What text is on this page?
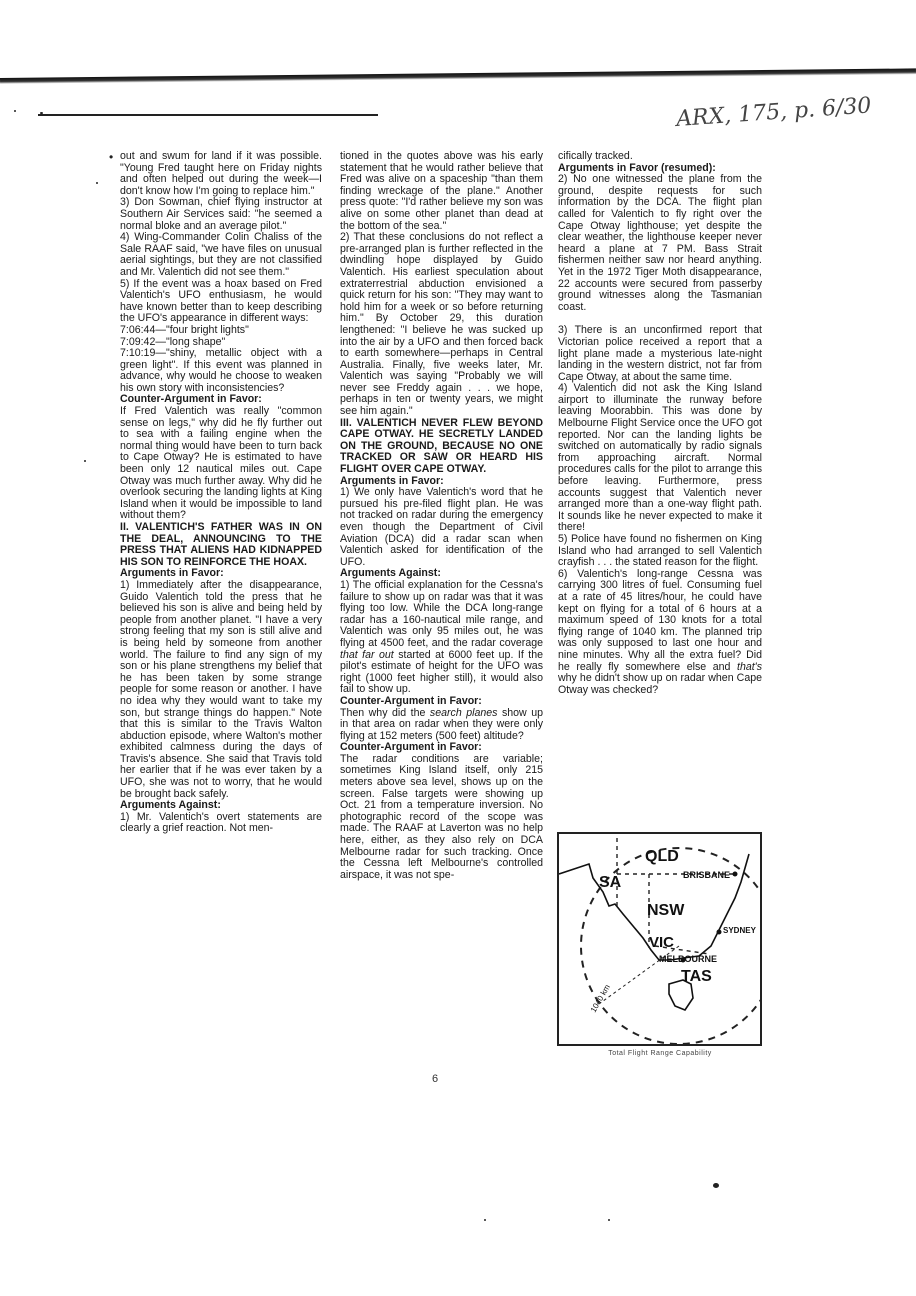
ARX, 175, p. 6/30
• out and swum for land if it was possible. "Young Fred taught here on Friday nights and often helped out during the week—I don't know how I'm going to replace him."

3) Don Sowman, chief flying instructor at Southern Air Services said: "he seemed a normal bloke and an average pilot."

4) Wing-Commander Colin Chaliss of the Sale RAAF said, "we have files on unusual aerial sightings, but they are not classified and Mr. Valentich did not see them."

5) If the event was a hoax based on Fred Valentich's UFO enthusiasm, he would have known better than to keep describing the UFO's appearance in different ways:

7:06:44—"four bright lights"

7:09:42—"long shape"

7:10:19—"shiny, metallic object with a green light". If this event was planned in advance, why would he choose to weaken his own story with inconsistencies?

Counter-Argument in Favor:

If Fred Valentich was really "common sense on legs," why did he fly further out to sea with a failing engine when the normal thing would have been to turn back to Cape Otway? He is estimated to have been only 12 nautical miles out. Cape Otway was much further away. Why did he overlook securing the landing lights at King Island when it would be impossible to land without them?

II. VALENTICH'S FATHER WAS IN ON THE DEAL, ANNOUNCING TO THE PRESS THAT ALIENS HAD KIDNAPPED HIS SON TO REINFORCE THE HOAX.

Arguments in Favor:

1) Immediately after the disappearance, Guido Valentich told the press that he believed his son is alive and being held by people from another planet. "I have a very strong feeling that my son is still alive and is being held by someone from another world. The failure to find any sign of my son or his plane strengthens my belief that he has been taken by some strange people for some reason or another. I have no idea why they would want to take my son, but strange things do happen." Note that this is similar to the Travis Walton abduction episode, where Walton's mother exhibited calmness during the days of Travis's absence. She said that Travis told her earlier that if he was ever taken by a UFO, she was not to worry, that he would be brought back safely.

Arguments Against:

1) Mr. Valentich's overt statements are clearly a grief reaction. Not men-

tioned in the quotes above was his early statement that he would rather believe that Fred was alive on a spaceship "than them finding wreckage of the plane." Another press quote: "I'd rather believe my son was alive on some other planet than dead at the bottom of the sea."

2) That these conclusions do not reflect a pre-arranged plan is further reflected in the dwindling hope displayed by Guido Valentich. His earliest speculation about extraterrestrial abduction envisioned a quick return for his son: "They may want to hold him for a week or so before returning him." By October 29, this duration lengthened: "I believe he was sucked up into the air by a UFO and then forced back to earth somewhere—perhaps in Central Australia. Finally, five weeks later, Mr. Valentich was saying "Probably we will never see Freddy again . . . we hope, perhaps in ten or twenty years, we might see him again."

III. VALENTICH NEVER FLEW BEYOND CAPE OTWAY. HE SECRETLY LANDED ON THE GROUND, BECAUSE NO ONE TRACKED OR SAW OR HEARD HIS FLIGHT OVER CAPE OTWAY.

Arguments in Favor:

1) We only have Valentich's word that he pursued his pre-filed flight plan. He was not tracked on radar during the emergency even though the Department of Civil Aviation (DCA) did a radar scan when Valentich asked for identification of the UFO.

Arguments Against:

1) The official explanation for the Cessna's failure to show up on radar was that it was flying too low. While the DCA long-range radar has a 160-nautical mile range, and Valentich was only 95 miles out, he was flying at 4500 feet, and the radar coverage that far out started at 6000 feet up. If the pilot's estimate of height for the UFO was right (1000 feet higher still), it would also fail to show up.

Counter-Argument in Favor:

Then why did the search planes show up in that area on radar when they were only flying at 152 meters (500 feet) altitude?

Counter-Argument in Favor:

The radar conditions are variable; sometimes King Island itself, only 215 meters above sea level, shows up on the screen. False targets were showing up Oct. 21 from a temperature inversion. No photographic record of the scope was made. The RAAF at Laverton was no help here, either, as they also rely on DCA Melbourne radar for such tracking. Once the Cessna left Melbourne's controlled airspace, it was not spe-

cifically tracked.

Arguments in Favor (resumed):

2) No one witnessed the plane from the ground, despite requests for such information by the DCA. The flight plan called for Valentich to fly right over the Cape Otway lighthouse; yet despite the clear weather, the lighthouse keeper never heard a plane at 7 PM. Bass Strait fishermen neither saw nor heard anything. Yet in the 1972 Tiger Moth disappearance, 22 accounts were secured from passerby ground witnesses along the Tasmanian coast.

3) There is an unconfirmed report that Victorian police received a report that a light plane made a mysterious late-night landing in the western district, not far from Cape Otway, at about the same time.

4) Valentich did not ask the King Island airport to illuminate the runway before leaving Moorabbin. This was done by Melbourne Flight Service once the UFO got reported. Nor can the landing lights be switched on automatically by radio signals from approaching aircraft. Normal procedures calls for the pilot to arrange this before leaving. Furthermore, press accounts suggest that Valentich never arranged more than a one-way flight path. It sounds like he never expected to make it there!

5) Police have found no fishermen on King Island who had arranged to sell Valentich crayfish . . . the stated reason for the flight.

6) Valentich's long-range Cessna was carrying 300 litres of fuel. Consuming fuel at a rate of 45 litres/hour, he could have kept on flying for a total of 6 hours at a maximum speed of 130 knots for a total flying range of 1040 km. The planned trip was only supposed to last one hour and nine minutes. Why all the extra fuel? Did he really fly somewhere else and that's why he didn't show up on radar when Cape Otway was checked?

QLD
BRISBANE
SA
NSW
SYDNEY
VIC
MELBOURNE
TAS
1040 km
Total Flight Range Capability
6
